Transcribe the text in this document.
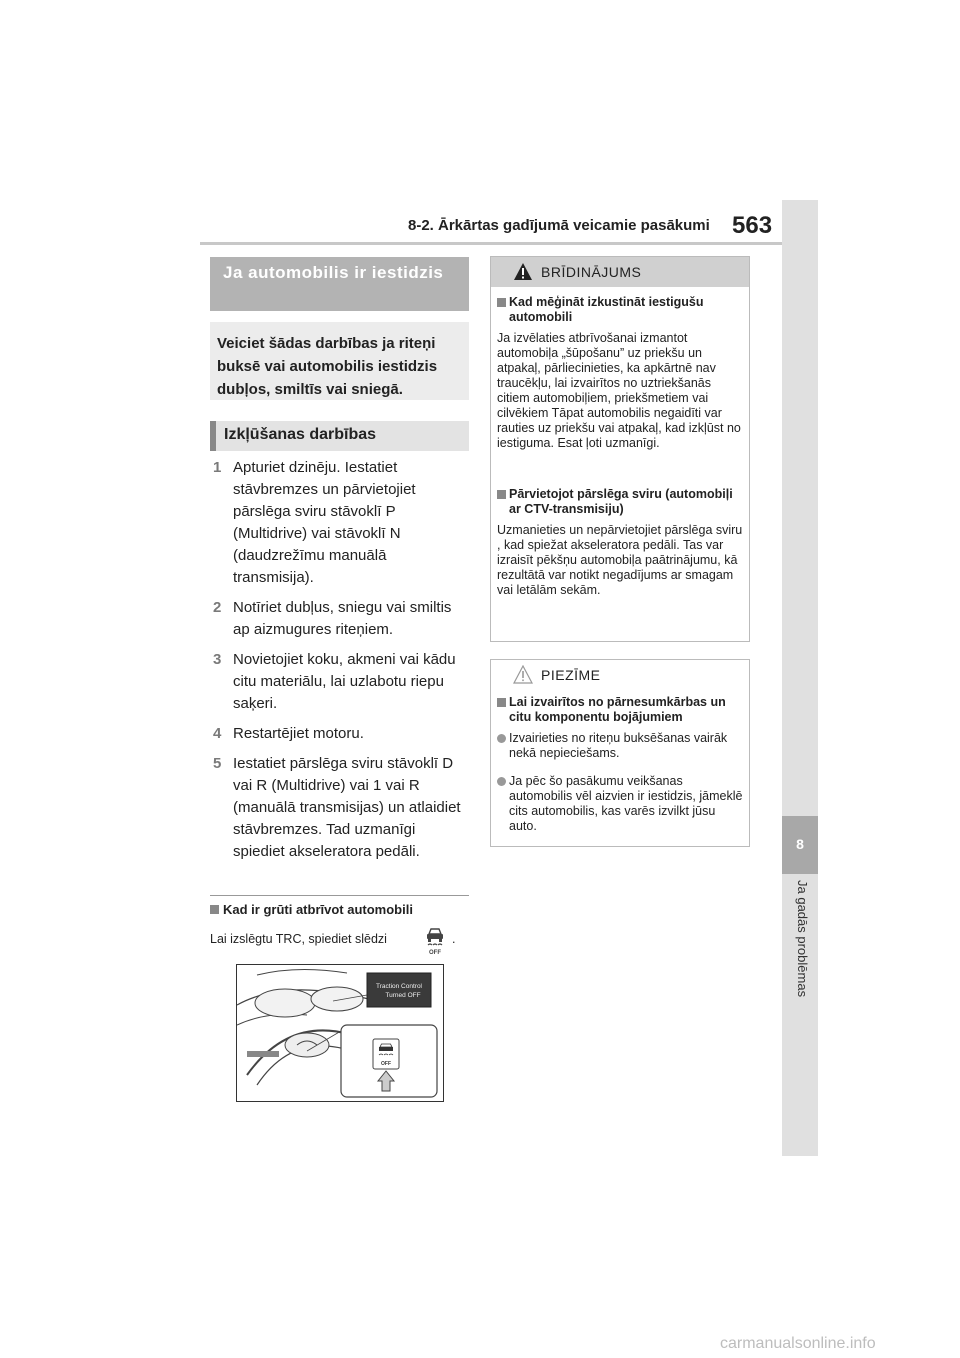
8-2. Ārkārtas gadījumā veicamie pasākumi 563
8
Ja gadās problēmas
Ja automobilis ir iestidzis
Veiciet šādas darbības ja riteņi buksē vai automobilis iestidzis dubļos, smiltīs vai sniegā.
Izkļūšanas darbības
1 Apturiet dzinēju. Iestatiet stāvbremzes un pārvietojiet pārslēga sviru stāvoklī P (Multidrive) vai stāvoklī N (daudzrežīmu manuālā transmisija).
2 Notīriet dubļus, sniegu vai smiltis ap aizmugures riteņiem.
3 Novietojiet koku, akmeni vai kādu citu materiālu, lai uzlabotu riepu saķeri.
4 Restartējiet motoru.
5 Iestatiet pārslēga sviru stāvoklī D vai R (Multidrive) vai 1 vai R (manuālā transmisijas) un atlaidiet stāvbremzes. Tad uzmanīgi spiediet akseleratora pedāli.
Kad ir grūti atbrīvot automobili
Lai izslēgtu TRC, spiediet slēdzi
OFF
.
Traction Control
Turned OFF
OFF
BRĪDINĀJUMS
Kad mēģināt izkustināt iestigušu automobili
Ja izvēlaties atbrīvošanai izmantot automobiļa „šūpošanu” uz priekšu un atpakaļ, pārliecinieties, ka apkārtnē nav traucēkļu, lai izvairītos no uztriekšanās citiem automobiļiem, priekšmetiem vai cilvēkiem Tāpat automobilis negaidīti var rauties uz priekšu vai atpakaļ, kad izkļūst no iestiguma. Esat ļoti uzmanīgi.
Pārvietojot pārslēga sviru (automobiļi ar CTV-transmisiju)
Uzmanieties un nepārvietojiet pārslēga sviru , kad spiežat akseleratora pedāli. Tas var izraisīt pēkšņu automobiļa paātrinājumu, kā rezultātā var notikt negadījums ar smagam vai letālām sekām.
PIEZĪME
Lai izvairītos no pārnesumkārbas un citu komponentu bojājumiem
Izvairieties no riteņu buksēšanas vairāk nekā nepieciešams.
Ja pēc šo pasākumu veikšanas automobilis vēl aizvien ir iestidzis, jāmeklē cits automobilis, kas varēs izvilkt jūsu auto.
carmanualsonline.info
